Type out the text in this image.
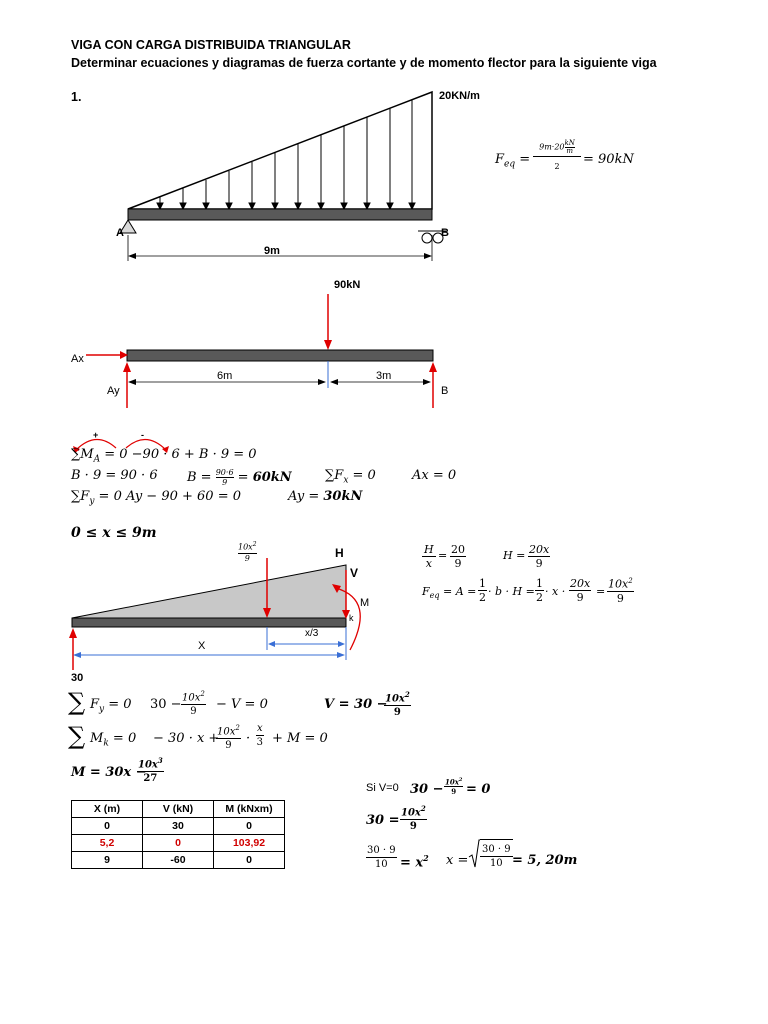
VIGA CON CARGA DISTRIBUIDA TRIANGULAR
Determinar ecuaciones y diagramas de fuerza cortante y de momento flector para la siguiente viga
1.	20KN/m
A	B
9m
$F_{eq}$ =
$9m\cdot 20 \frac{kN}{m}$
2	= 90kN
90kN
Ax
Ay	B
6m	3m
+	-
$\sum M_A = 0 -90 \cdot 6 + B \cdot 9 = 0$
B · 9 = 90 · 6 $B = \frac{90\cdot 6}{9} = 60kN$	$\sum F_x = 0$	Ax = 0
$\sum F_y = 0$ Ay − 90 + 60 = 0	Ay = 30kN
0 ≤ x ≤ 9m
$10x^2$
9	H
V
M
k
x/3
X
30
H
x
= 20
9
H = 20x
9
$F_{eq} = A$ =
1
2 · b · H =
1
2 · x ·
20x
9	=
$10x^2$
9
∑ $F_y = 0$ $30 - 10x^2$
9	− V = 0	V = 30 −
$10x^2$
9
∑ $M_k = 0 - 30 \cdot x$ +
$10x^2$
9	·
x
3 + M = 0
M = 30x −
$10x^3$
27
X (m)	V (kN)	M (kNxm)
0	30	0
5,2	0	103,92
9	-60	0
Si V=0 30 −
$10x^2$
9 = 0
30 =
$10x^2$
9
30 · 9
$10 = x^2$ x =
30 · 9
10 = 5, 20m
